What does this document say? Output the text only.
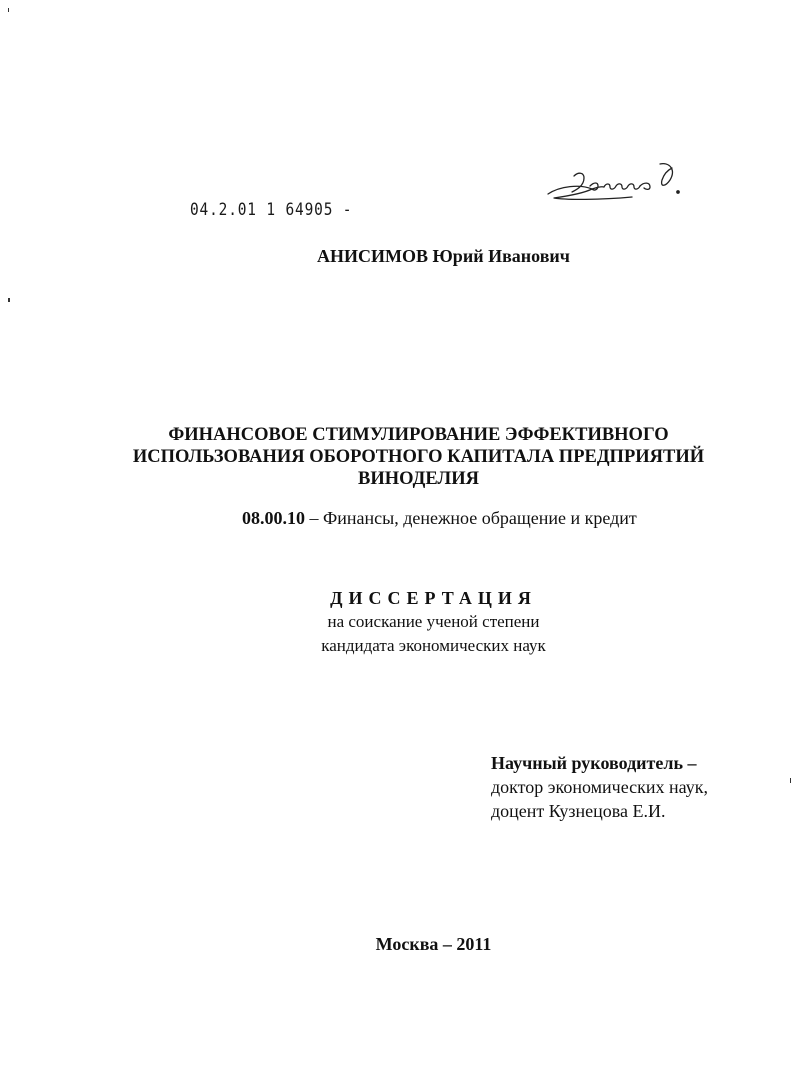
04.2.01 1 64905 -
АНИСИМОВ Юрий Иванович
ФИНАНСОВОЕ СТИМУЛИРОВАНИЕ ЭФФЕКТИВНОГО
ИСПОЛЬЗОВАНИЯ ОБОРОТНОГО КАПИТАЛА ПРЕДПРИЯТИЙ
ВИНОДЕЛИЯ
08.00.10 – Финансы, денежное обращение и кредит
ДИССЕРТАЦИЯ
на соискание ученой степени
кандидата экономических наук
Научный руководитель –
доктор экономических наук,
доцент Кузнецова Е.И.
Москва – 2011
